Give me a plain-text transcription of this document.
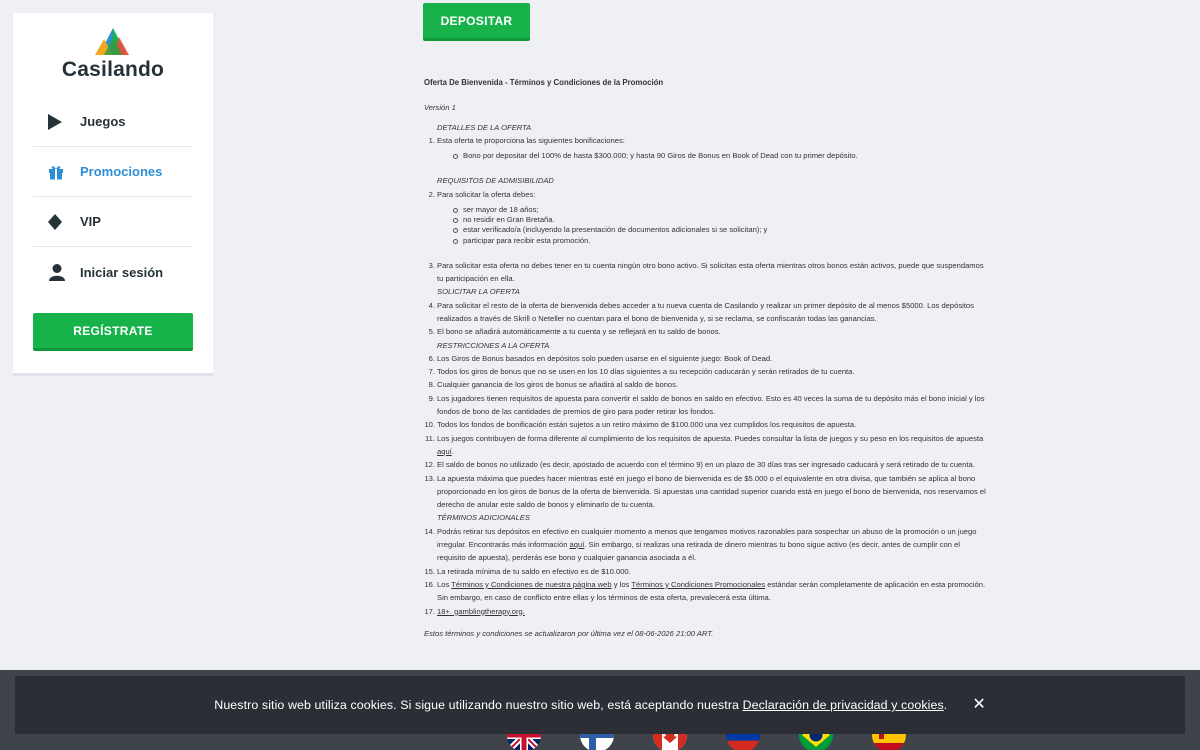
Casilando
Juegos
Promociones
VIP
Iniciar sesión
REGÍSTRATE
DEPOSITAR
Oferta De Bienvenida - Términos y Condiciones de la Promoción
Versión 1
DETALLES DE LA OFERTA
1. Esta oferta te proporciona las siguientes bonificaciones:
Bono por depositar del 100% de hasta $300.000; y hasta 90 Giros de Bonus en Book of Dead con tu primer depósito.
REQUISITOS DE ADMISIBILIDAD
2. Para solicitar la oferta debes:
ser mayor de 18 años;
no residir en Gran Bretaña.
estar verificado/a (incluyendo la presentación de documentos adicionales si se solicitan); y
participar para recibir esta promoción.
3. Para solicitar esta oferta no debes tener en tu cuenta ningún otro bono activo. Si solicitas esta oferta mientras otros bonos están activos, puede que suspendamos tu participación en ella.
SOLICITAR LA OFERTA
4. Para solicitar el resto de la oferta de bienvenida debes acceder a tu nueva cuenta de Casilando y realizar un primer depósito de al menos $5000. Los depósitos realizados a través de Skrill o Neteller no cuentan para el bono de bienvenida y, si se reclama, se confiscarán todas las ganancias.
5. El bono se añadirá automáticamente a tu cuenta y se reflejará en tu saldo de bonos.
RESTRICCIONES A LA OFERTA
6. Los Giros de Bonus basados en depósitos solo pueden usarse en el siguiente juego: Book of Dead.
7. Todos los giros de bonus que no se usen en los 10 días siguientes a su recepción caducarán y serán retirados de tu cuenta.
8. Cualquier ganancia de los giros de bonus se añadirá al saldo de bonos.
9. Los jugadores tienen requisitos de apuesta para convertir el saldo de bonos en saldo en efectivo. Esto es 40 veces la suma de tu depósito más el bono inicial y los fondos de bono de las cantidades de premios de giro para poder retirar los fondos.
10. Todos los fondos de bonificación están sujetos a un retiro máximo de $100.000 una vez cumplidos los requisitos de apuesta.
11. Los juegos contribuyen de forma diferente al cumplimiento de los requisitos de apuesta. Puedes consultar la lista de juegos y su peso en los requisitos de apuesta aquí.
12. El saldo de bonos no utilizado (es decir, apostado de acuerdo con el término 9) en un plazo de 30 días tras ser ingresado caducará y será retirado de tu cuenta.
13. La apuesta máxima que puedes hacer mientras esté en juego el bono de bienvenida es de $5.000 o el equivalente en otra divisa, que también se aplica al bono proporcionado en los giros de bonus de la oferta de bienvenida. Si apuestas una cantidad superior cuando está en juego el bono de bienvenida, nos reservamos el derecho de anular este saldo de bonos y eliminarlo de tu cuenta.
TÉRMINOS ADICIONALES
14. Podrás retirar tus depósitos en efectivo en cualquier momento a menos que tengamos motivos razonables para sospechar un abuso de la promoción o un juego irregular. Encontrarás más información aquí. Sin embargo, si realizas una retirada de dinero mientras tu bono sigue activo (es decir, antes de cumplir con el requisito de apuesta), perderás ese bono y cualquier ganancia asociada a él.
15. La retirada mínima de tu saldo en efectivo es de $10.000.
16. Los Términos y Condiciones de nuestra página web y los Términos y Condiciones Promocionales estándar serán completamente de aplicación en esta promoción. Sin embargo, en caso de conflicto entre ellas y los términos de esta oferta, prevalecerá esta última.
17. 18+. gamblingtherapy.org.
Estos términos y condiciones se actualizaron por última vez el 08-06-2026 21:00 ART.
Nuestro sitio web utiliza cookies. Si sigue utilizando nuestro sitio web, está aceptando nuestra Declaración de privacidad y cookies. ✕
